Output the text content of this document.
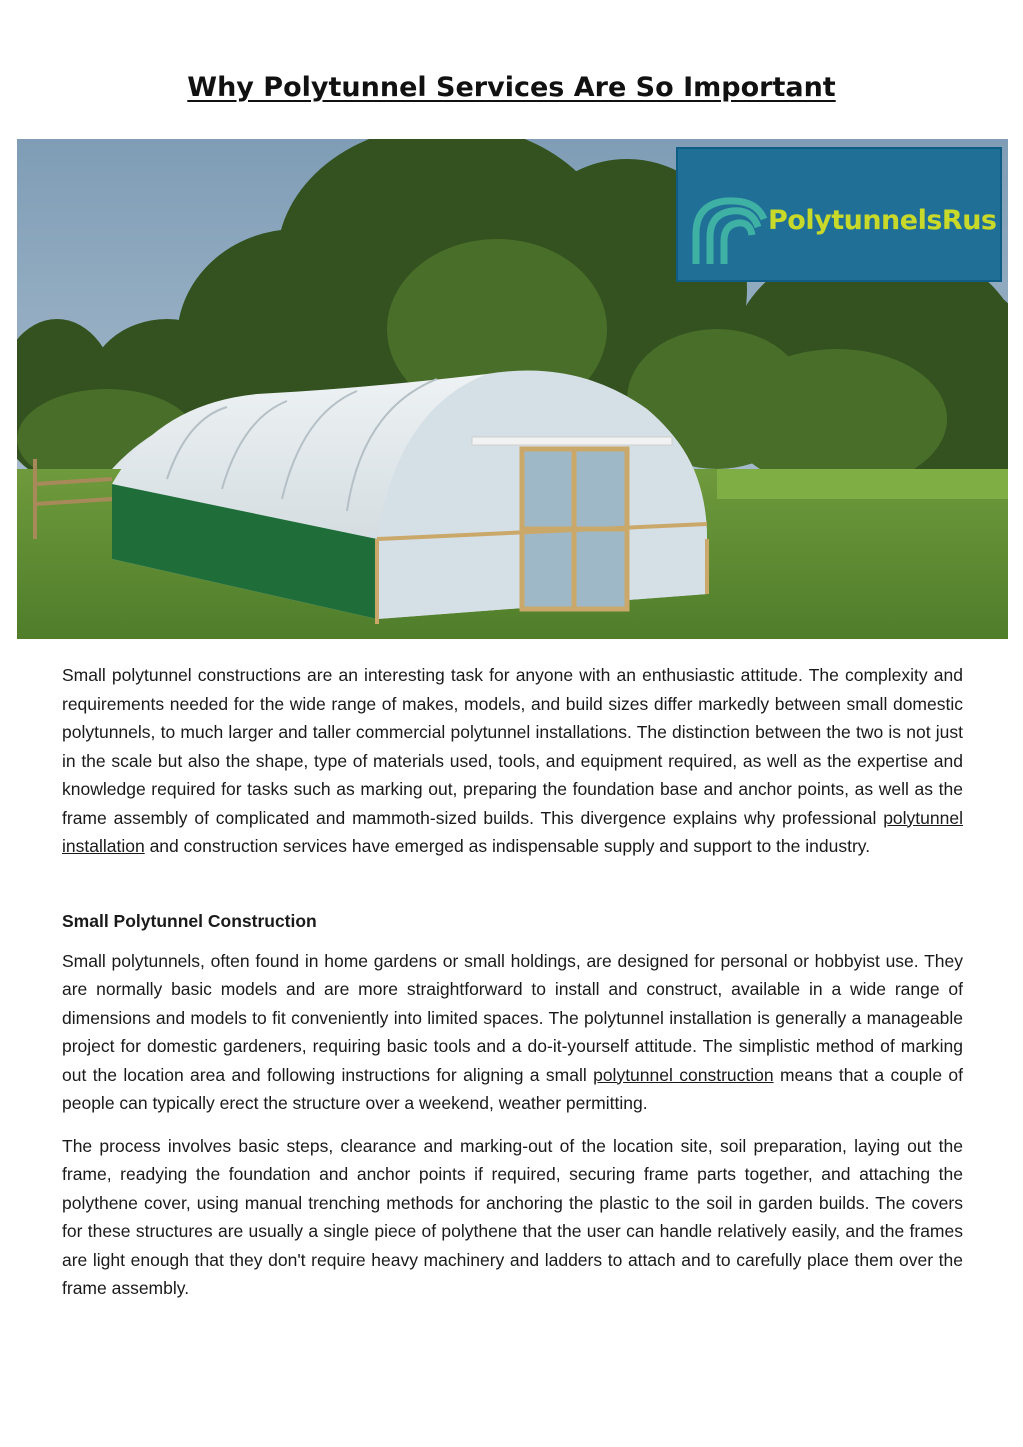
Why Polytunnel Services Are So Important
PolytunnelsRus

Small polytunnel constructions are an interesting task for anyone with an enthusiastic attitude. The complexity and requirements needed for the wide range of makes, models, and build sizes differ markedly between small domestic polytunnels, to much larger and taller commercial polytunnel installations. The distinction between the two is not just in the scale but also the shape, type of materials used, tools, and equipment required, as well as the expertise and knowledge required for tasks such as marking out, preparing the foundation base and anchor points, as well as the frame assembly of complicated and mammoth-sized builds. This divergence explains why professional polytunnel installation and construction services have emerged as indispensable supply and support to the industry.

Small Polytunnel Construction

Small polytunnels, often found in home gardens or small holdings, are designed for personal or hobbyist use. They are normally basic models and are more straightforward to install and construct, available in a wide range of dimensions and models to fit conveniently into limited spaces. The polytunnel installation is generally a manageable project for domestic gardeners, requiring basic tools and a do-it-yourself attitude. The simplistic method of marking out the location area and following instructions for aligning a small polytunnel construction means that a couple of people can typically erect the structure over a weekend, weather permitting.

The process involves basic steps, clearance and marking-out of the location site, soil preparation, laying out the frame, readying the foundation and anchor points if required, securing frame parts together, and attaching the polythene cover, using manual trenching methods for anchoring the plastic to the soil in garden builds. The covers for these structures are usually a single piece of polythene that the user can handle relatively easily, and the frames are light enough that they don't require heavy machinery and ladders to attach and to carefully place them over the frame assembly.
